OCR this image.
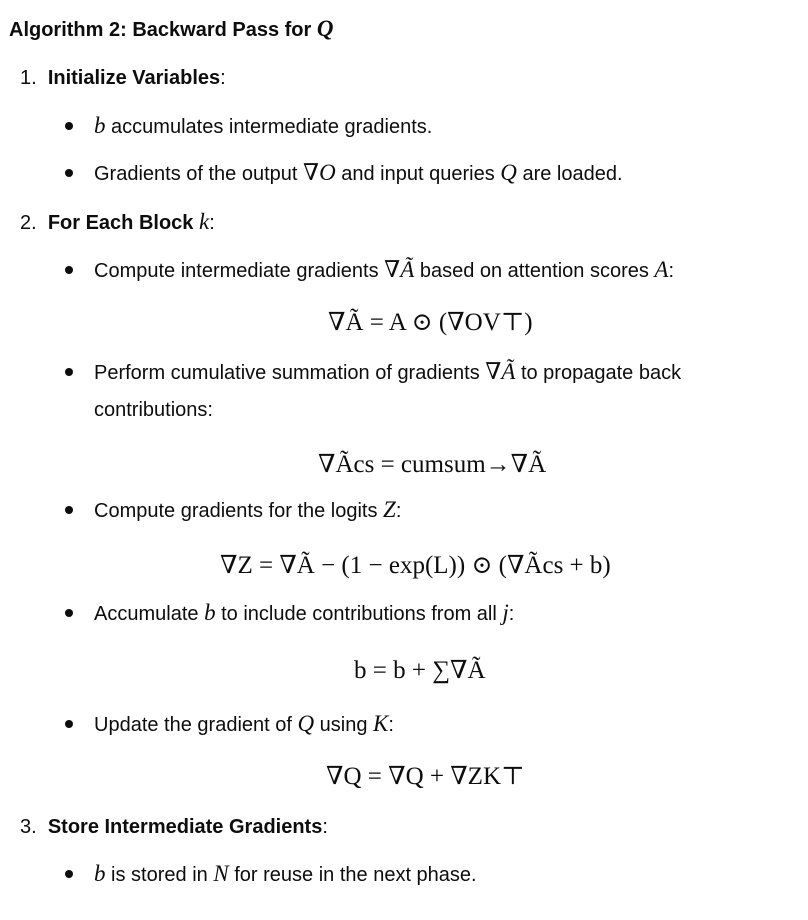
Algorithm 2: Backward Pass for Q
1. Initialize Variables:
b accumulates intermediate gradients.
Gradients of the output ∇O and input queries Q are loaded.
2. For Each Block k:
Compute intermediate gradients ∇Ã based on attention scores A:
∇Ã = A ⊙ (∇OV⊤)
Perform cumulative summation of gradients ∇Ã to propagate back
contributions:
∇Ãcs = cumsum→∇Ã
Compute gradients for the logits Z:
∇Z = ∇Ã − (1 − exp(L)) ⊙ (∇Ãcs + b)
Accumulate b to include contributions from all j:
b = b + ∑∇Ã
Update the gradient of Q using K:
∇Q = ∇Q + ∇ZK⊤
3. Store Intermediate Gradients:
b is stored in N for reuse in the next phase.
